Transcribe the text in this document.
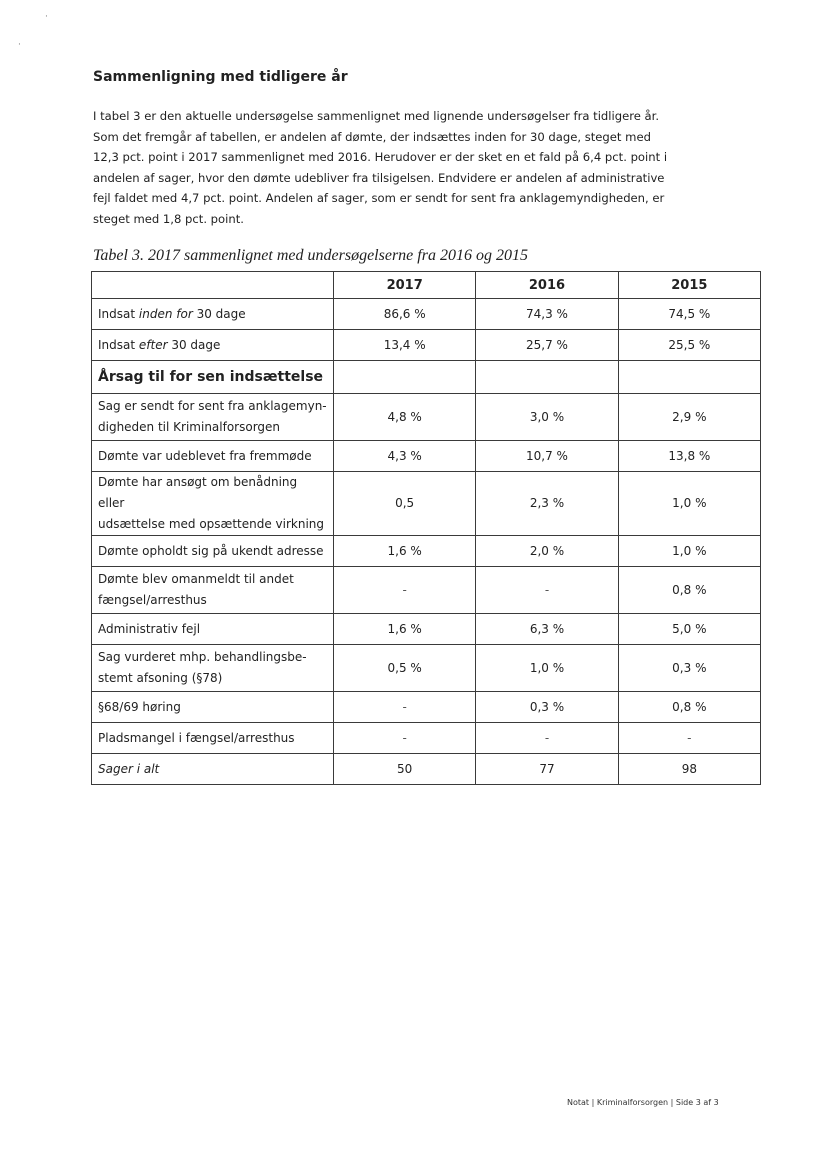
·
·
Sammenligning med tidligere år
I tabel 3 er den aktuelle undersøgelse sammenlignet med lignende undersøgelser fra tidligere år.
Som det fremgår af tabellen, er andelen af dømte, der indsættes inden for 30 dage, steget med
12,3 pct. point i 2017 sammenlignet med 2016. Herudover er der sket en et fald på 6,4 pct. point i
andelen af sager, hvor den dømte udebliver fra tilsigelsen. Endvidere er andelen af administrative
fejl faldet med 4,7 pct. point. Andelen af sager, som er sendt for sent fra anklagemyndigheden, er
steget med 1,8 pct. point.
Tabel 3. 2017 sammenlignet med undersøgelserne fra 2016 og 2015
	2017	2016	2015
Indsat inden for 30 dage	86,6 %	74,3 %	74,5 %
Indsat efter 30 dage	13,4 %	25,7 %	25,5 %
Årsag til for sen indsættelse			

Sag er sendt for sent fra anklagemyn-
digheden til Kriminalforsorgen	4,8 %	3,0 %	2,9 %

Dømte var udeblevet fra fremmøde	4,3 %	10,7 %	13,8 %

Dømte har ansøgt om benådning eller
udsættelse med opsættende virkning	0,5	2,3 %	1,0 %

Dømte opholdt sig på ukendt adresse	1,6 %	2,0 %	1,0 %

Dømte blev omanmeldt til andet
fængsel/arresthus	-	-	0,8 %

Administrativ fejl	1,6 %	6,3 %	5,0 %

Sag vurderet mhp. behandlingsbe-
stemt afsoning (§78)	0,5 %	1,0 %	0,3 %

§68/69 høring	-	0,3 %	0,8 %

Pladsmangel i fængsel/arresthus	-	-	-
Sager i alt	50	77	98
Notat | Kriminalforsorgen | Side 3 af 3
